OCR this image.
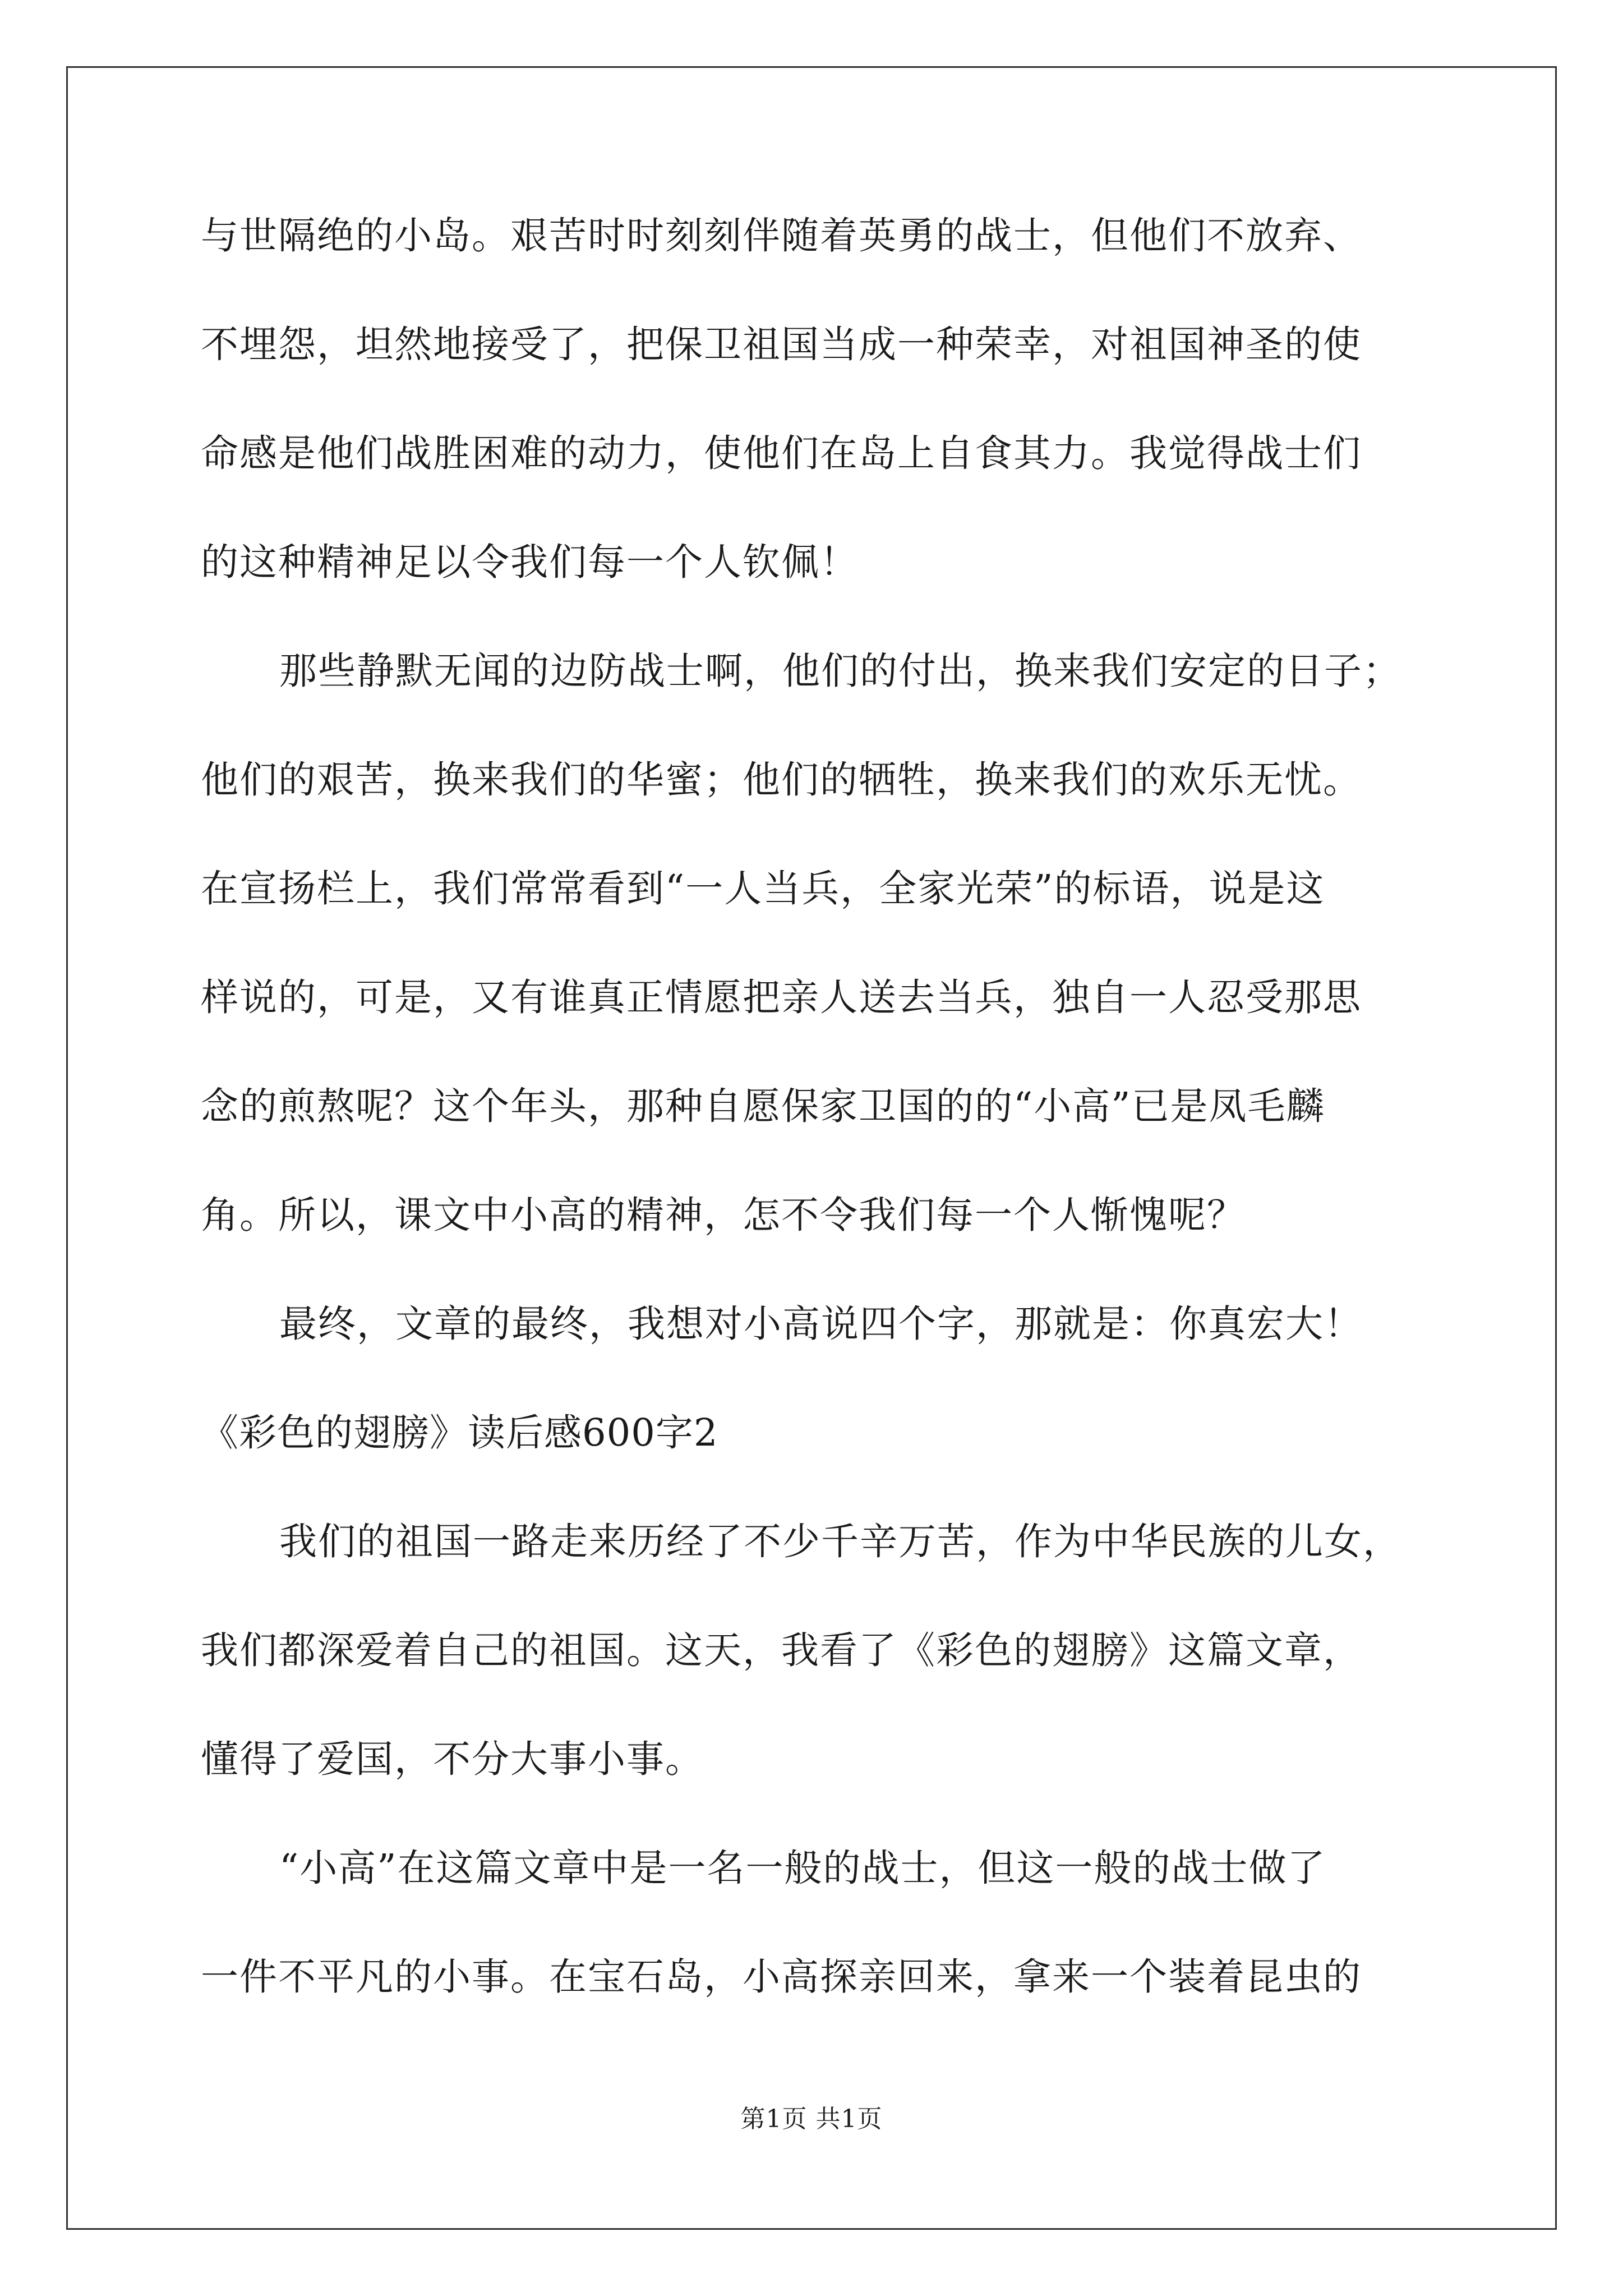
与世隔绝的小岛。艰苦时时刻刻伴随着英勇的战士，但他们不放弃、
不埋怨，坦然地接受了，把保卫祖国当成一种荣幸，对祖国神圣的使
命感是他们战胜困难的动力，使他们在岛上自食其力。我觉得战士们
的这种精神足以令我们每一个人钦佩！
那些静默无闻的边防战士啊，他们的付出，换来我们安定的日子；
他们的艰苦，换来我们的华蜜；他们的牺牲，换来我们的欢乐无忧。
在宣扬栏上，我们常常看到“一人当兵，全家光荣”的标语，说是这
样说的，可是，又有谁真正情愿把亲人送去当兵，独自一人忍受那思
念的煎熬呢？这个年头，那种自愿保家卫国的的“小高”已是凤毛麟
角。所以，课文中小高的精神，怎不令我们每一个人惭愧呢？
最终，文章的最终，我想对小高说四个字，那就是：你真宏大！
《彩色的翅膀》读后感600字2
我们的祖国一路走来历经了不少千辛万苦，作为中华民族的儿女，
我们都深爱着自己的祖国。这天，我看了《彩色的翅膀》这篇文章，
懂得了爱国，不分大事小事。
“小高”在这篇文章中是一名一般的战士，但这一般的战士做了
一件不平凡的小事。在宝石岛，小高探亲回来，拿来一个装着昆虫的
第1页 共1页
